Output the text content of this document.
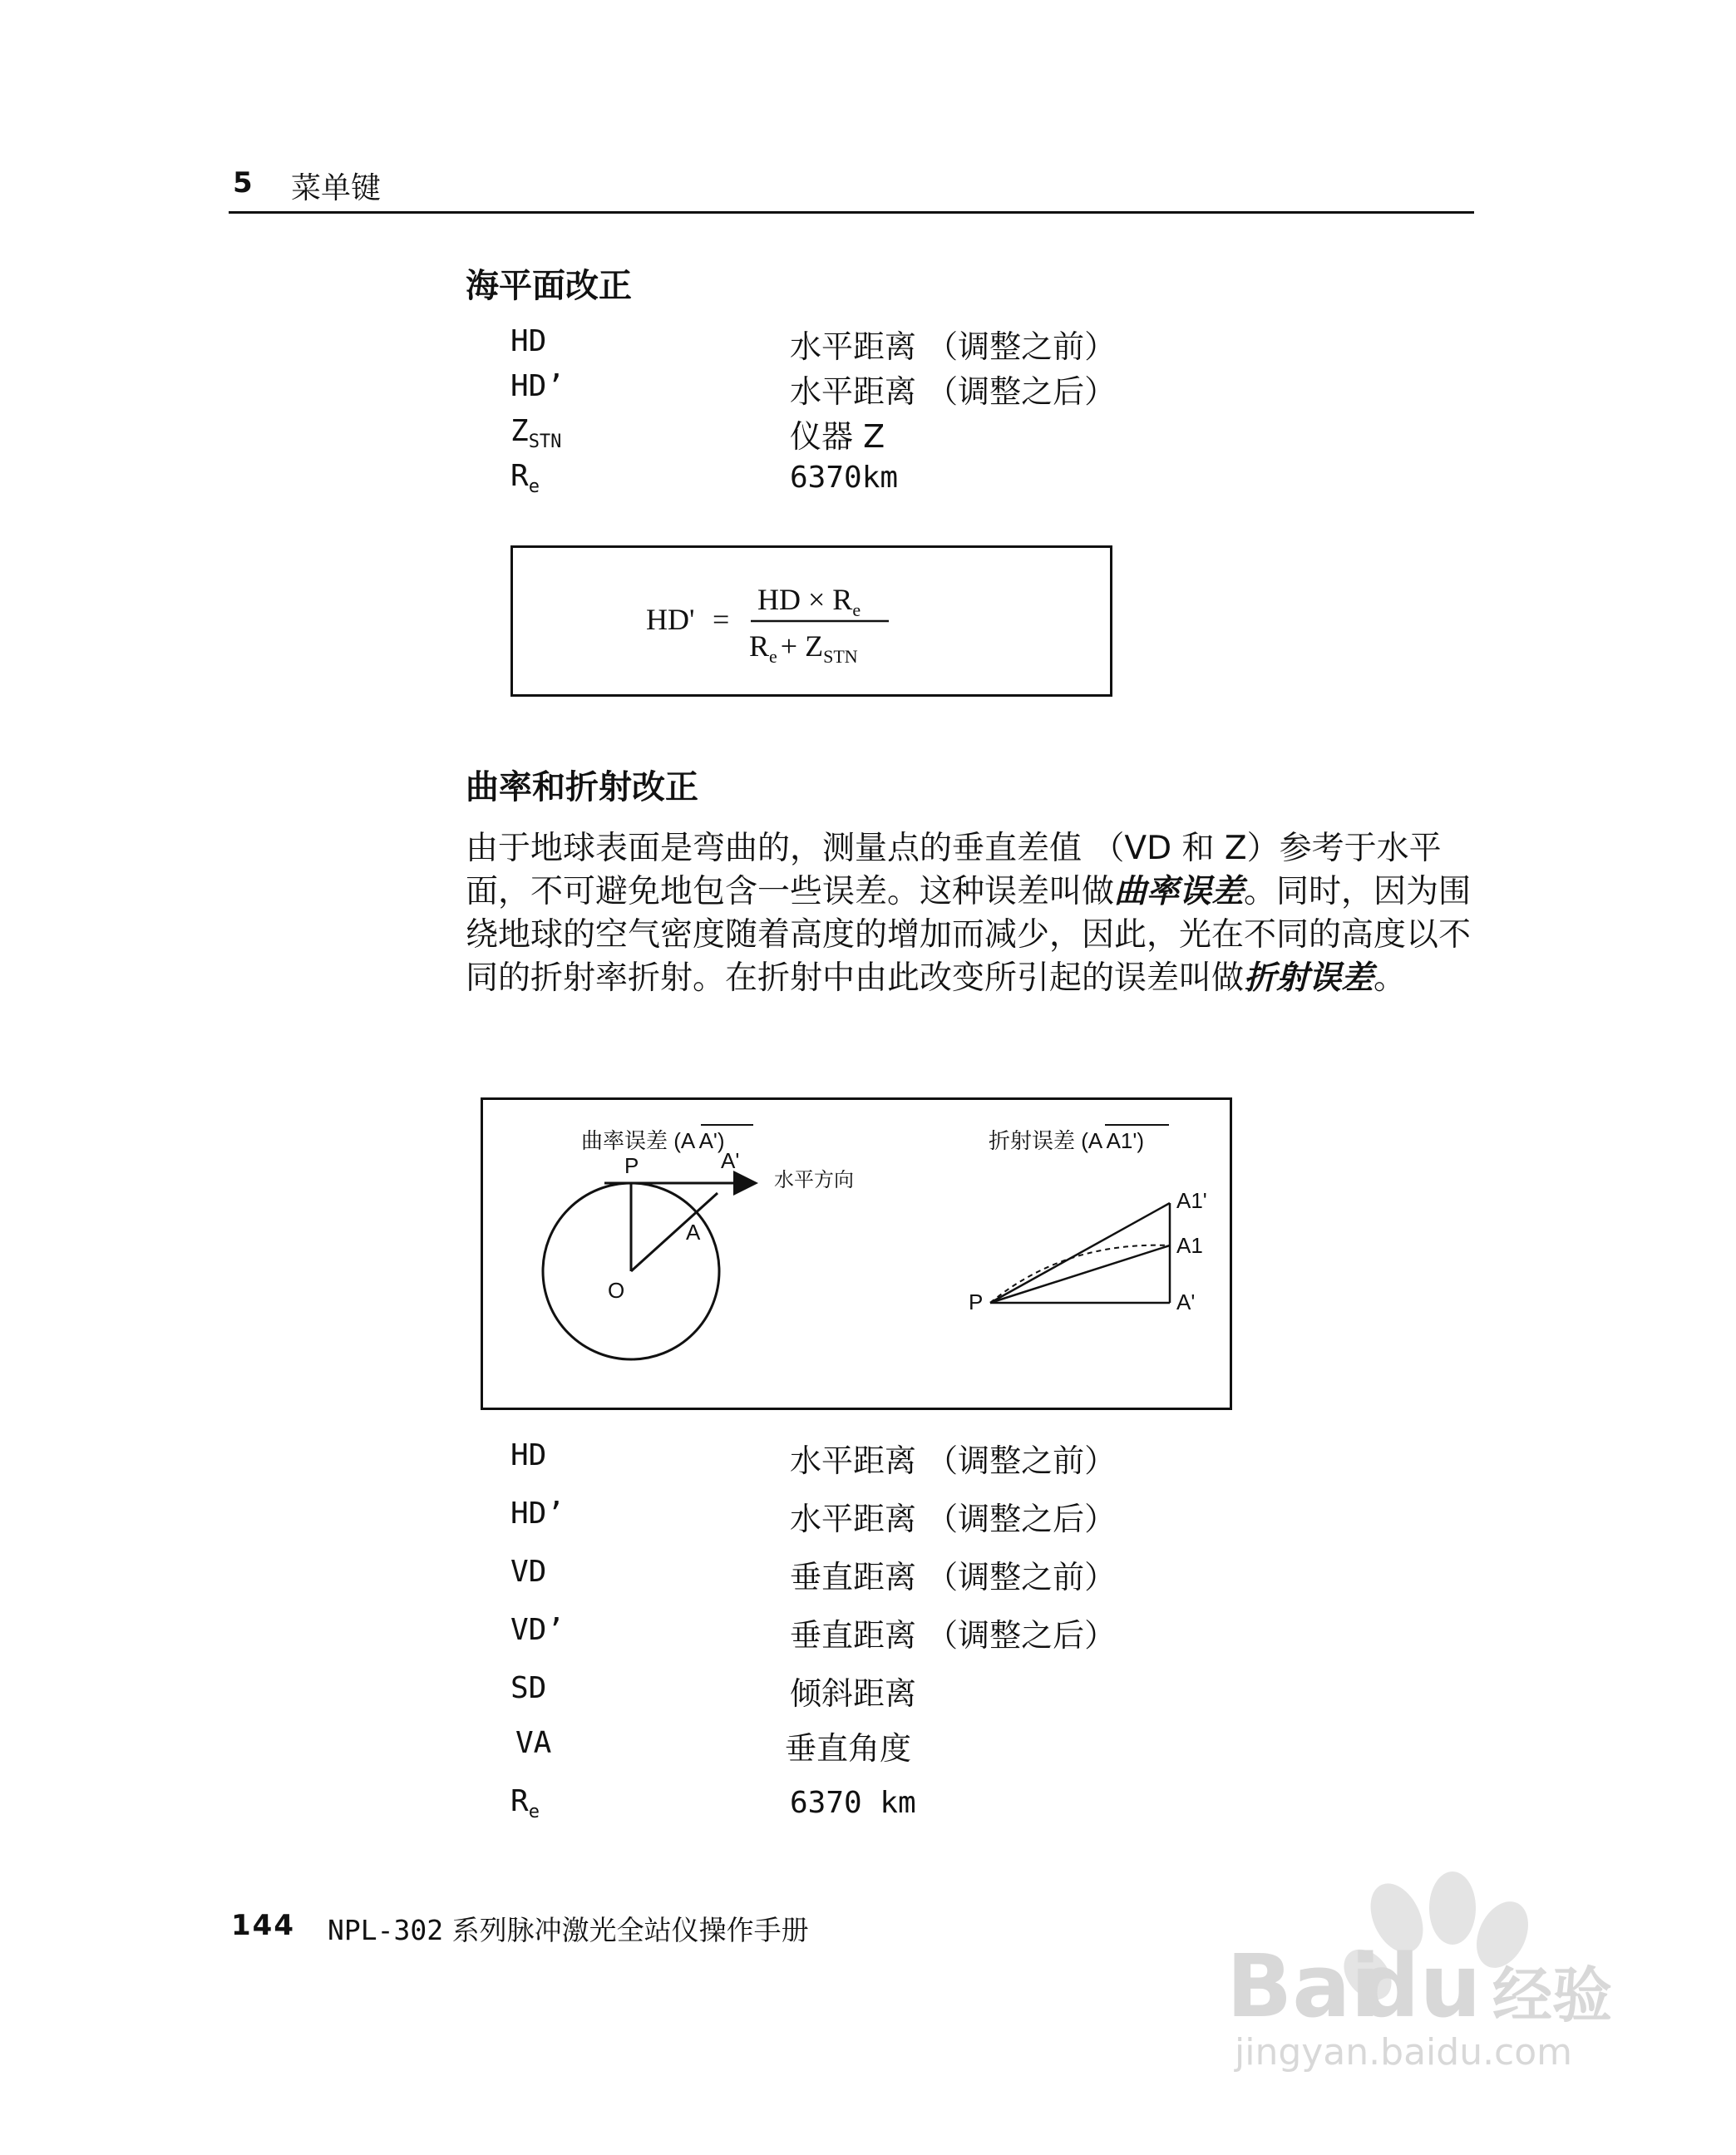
5 菜单键
海平面改正
HD	水平距离 （调整之前）
HD’	水平距离 （调整之后）
$Z_{STN}$	仪器 Z
$R_e$	6370km
HD' =
HD × $R_e$
$R_e + Z_{STN}$
曲率和折射改正
由于地球表面是弯曲的，测量点的垂直差值 （VD 和 Z）参考于水平面，不可避免地包含一些误差。这种误差叫做曲率误差。同时，因为围绕地球的空气密度随着高度的增加而减少，因此，光在不同的高度以不同的折射率折射。在折射中由此改变所引起的误差叫做折射误差。
曲率误差 (A A')
P	A'
A
O
水平方向
折射误差 (A A1')
A1'
A1
P	A'
HD	水平距离 （调整之前）
HD’	水平距离 （调整之后）
VD	垂直距离 （调整之前）
VD’	垂直距离 （调整之后）
SD	倾斜距离
VA	垂直角度
$R_e$	6370 km
144 NPL-302 系列脉冲激光全站仪操作手册
Bai
du 经验
jingyan.baidu.com
